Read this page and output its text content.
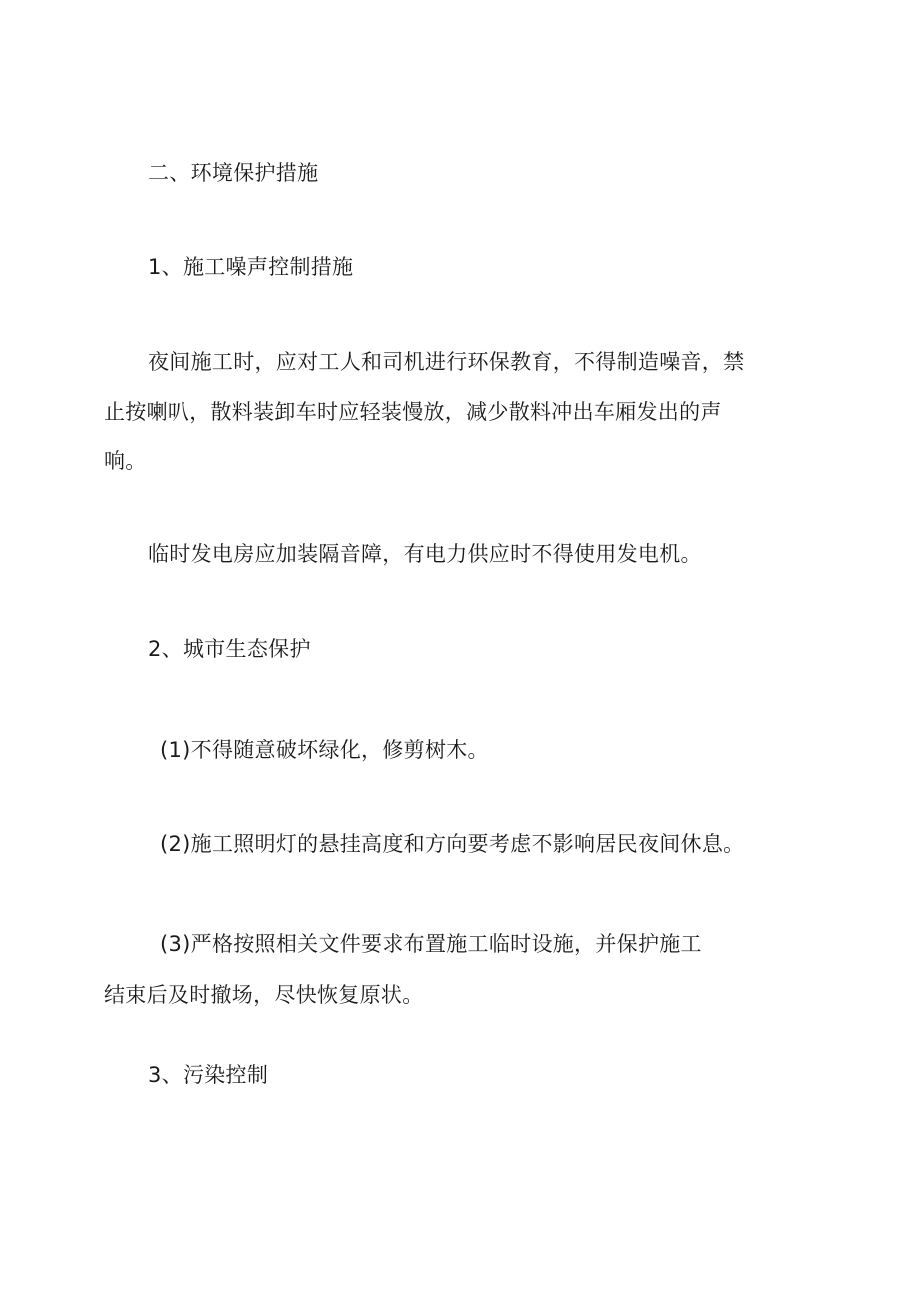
二、环境保护措施
1、施工噪声控制措施
夜间施工时，应对工人和司机进行环保教育，不得制造噪音，禁
止按喇叭，散料装卸车时应轻装慢放，减少散料冲出车厢发出的声
响。
临时发电房应加装隔音障，有电力供应时不得使用发电机。
2、城市生态保护
(1)不得随意破坏绿化，修剪树木。
(2)施工照明灯的悬挂高度和方向要考虑不影响居民夜间休息。
(3)严格按照相关文件要求布置施工临时设施，并保护施工
结束后及时撤场，尽快恢复原状。
3、污染控制
